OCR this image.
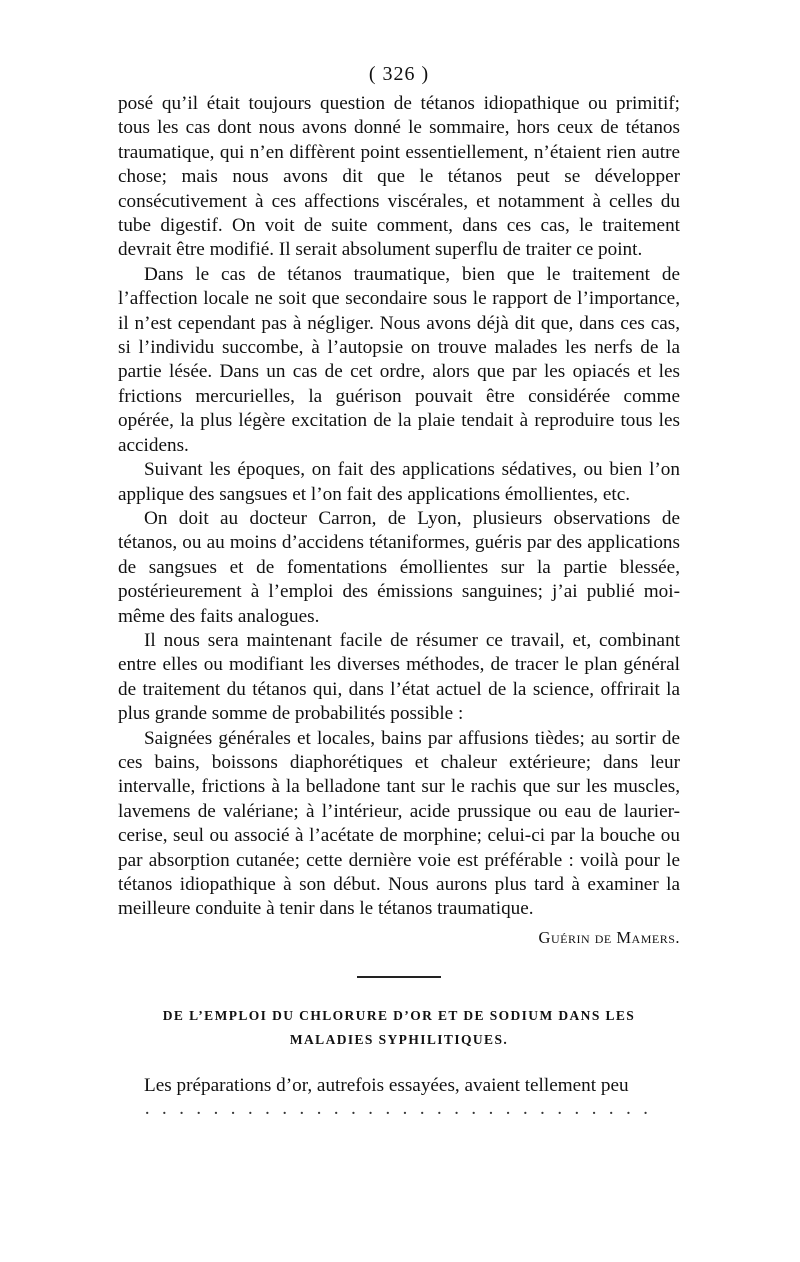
( 326 )

posé qu’il était toujours question de tétanos idiopathique ou primitif; tous les cas dont nous avons donné le sommaire, hors ceux de tétanos traumatique, qui n’en diffèrent point essentiellement, n’étaient rien autre chose; mais nous avons dit que le tétanos peut se développer consécutivement à ces affections viscérales, et notamment à celles du tube digestif. On voit de suite comment, dans ces cas, le traitement devrait être modifié. Il serait absolument superflu de traiter ce point.

Dans le cas de tétanos traumatique, bien que le traitement de l’affection locale ne soit que secondaire sous le rapport de l’importance, il n’est cependant pas à négliger. Nous avons déjà dit que, dans ces cas, si l’individu succombe, à l’autopsie on trouve malades les nerfs de la partie lésée. Dans un cas de cet ordre, alors que par les opiacés et les frictions mercurielles, la guérison pouvait être considérée comme opérée, la plus légère excitation de la plaie tendait à reproduire tous les accidens.

Suivant les époques, on fait des applications sédatives, ou bien l’on applique des sangsues et l’on fait des applications émollientes, etc.

On doit au docteur Carron, de Lyon, plusieurs observations de tétanos, ou au moins d’accidens tétaniformes, guéris par des applications de sangsues et de fomentations émollientes sur la partie blessée, postérieurement à l’emploi des émissions sanguines; j’ai publié moi-même des faits analogues.

Il nous sera maintenant facile de résumer ce travail, et, combinant entre elles ou modifiant les diverses méthodes, de tracer le plan général de traitement du tétanos qui, dans l’état actuel de la science, offrirait la plus grande somme de probabilités possible :

Saignées générales et locales, bains par affusions tièdes; au sortir de ces bains, boissons diaphorétiques et chaleur extérieure; dans leur intervalle, frictions à la belladone tant sur le rachis que sur les muscles, lavemens de valériane; à l’intérieur, acide prussique ou eau de laurier-cerise, seul ou associé à l’acétate de morphine; celui-ci par la bouche ou par absorption cutanée; cette dernière voie est préférable : voilà pour le tétanos idiopathique à son début. Nous aurons plus tard à examiner la meilleure conduite à tenir dans le tétanos traumatique.

Guérin de Mamers.
DE L’EMPLOI DU CHLORURE D’OR ET DE SODIUM DANS LES
MALADIES SYPHILITIQUES.
Les préparations d’or, autrefois essayées, avaient tellement peu
· · · · · · · · · · · · · · · · · · · · · · · · · · · · · ·
